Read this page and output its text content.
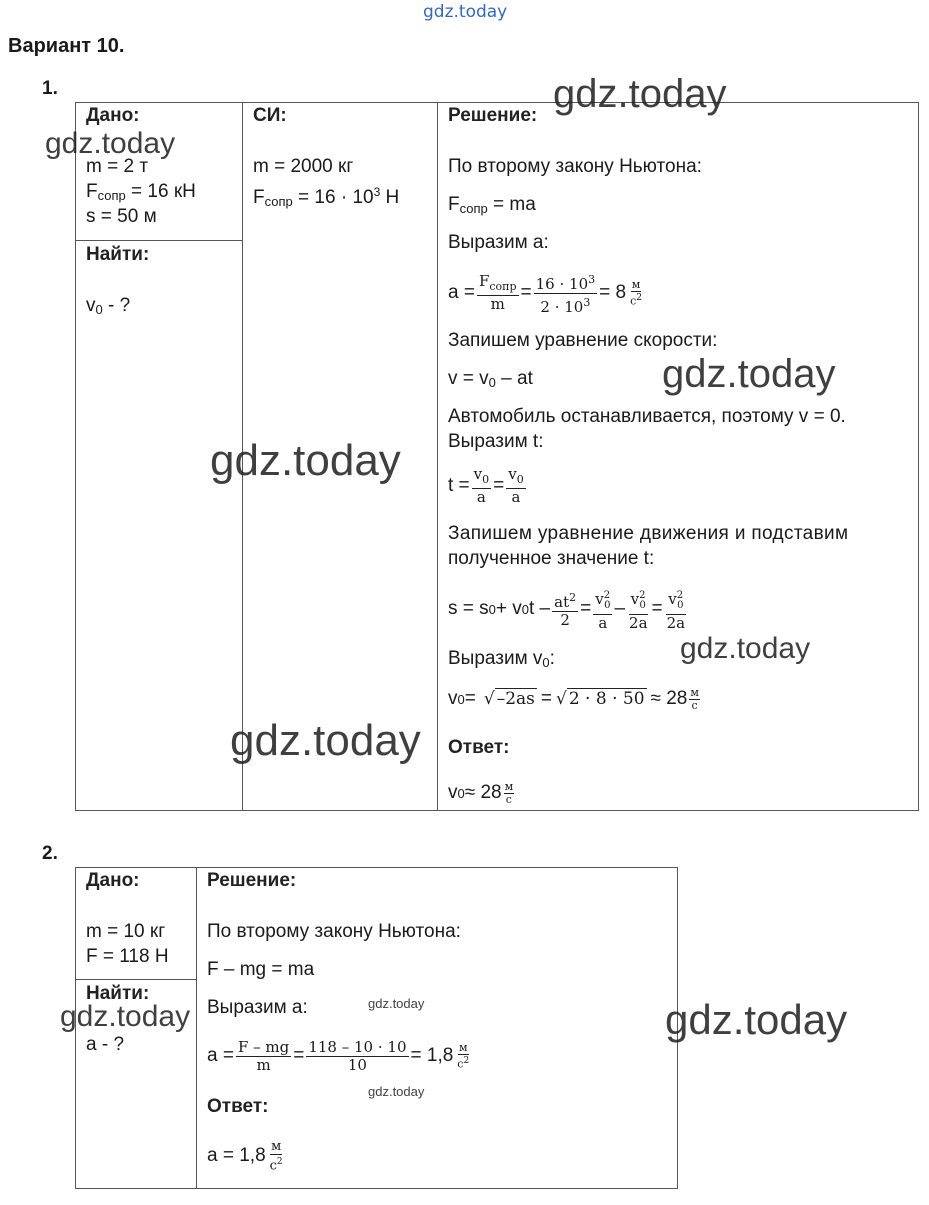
gdz.today
Вариант 10.
1.
Дано:
m = 2 т
$F_{сопр} = 16$ кН
s = 50 м
Найти:
$v_0$ - ?
СИ:
m = 2000 кг
$F_{сопр} = 16 \cdot 10^3$ Н
Решение:
По второму закону Ньютона:
$F_{сопр}$ = ma
Выразим a:
$a = \frac{F_{сопр}}{m} = \frac{16 \cdot 10^3}{2 \cdot 10^3} = 8 \frac{м}{с^2}$
Запишем уравнение скорости:
$v = v_0$ – at
Автомобиль останавливается, поэтому v = 0.
Выразим t:
$t = \frac{v_0}{a} = \frac{v_0}{a}$
Запишем уравнение движения и подставим
полученное значение t:
s = s 0 + v 0 $t - \frac{at^2}{2} = \frac{v^2_0}{a} - \frac{v^2_0}{2a} = \frac{v^2_0}{2a}$
Выразим $v_0$:
v 0 = √ –2as = √ $2 \cdot 8 \cdot 50 \approx 28 \frac{м}{с}$
Ответ:
v $0 \approx 28 \frac{м}{с}$
2.
Дано:
m = 10 кг
F = 118 Н
Найти:
a - ?
Решение:
По второму закону Ньютона:
F – mg = ma
Выразим a:
$a = \frac{F - mg}{m} = \frac{118 - 10 \cdot 10}{10} = 1,8 \frac{м}{с^2}$
Ответ:
$a = 1,8 \frac{м}{с^2}$
gdz.today
gdz.today
gdz.today
gdz.today
gdz.today
gdz.today
gdz.today	gdz.today
gdz.today
gdz.today
